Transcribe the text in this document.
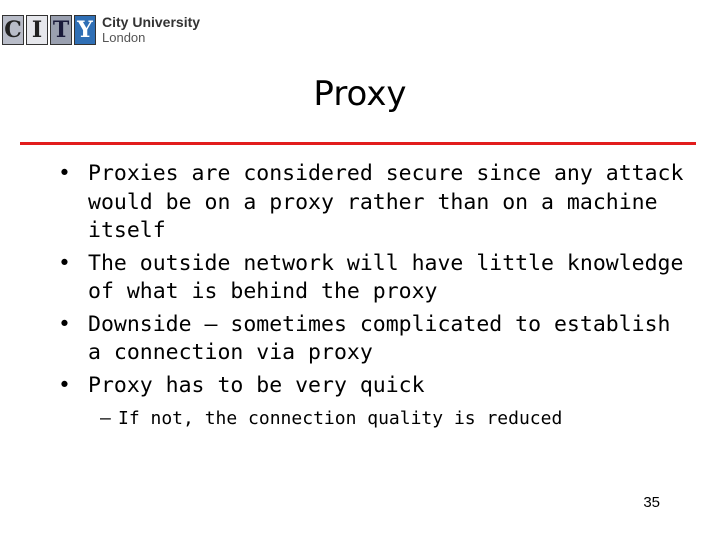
C I T Y City University
London
Proxy
• Proxies are considered secure since any attack would be on a proxy rather than on a machine itself
• The outside network will have little knowledge of what is behind the proxy
• Downside – sometimes complicated to establish a connection via proxy
• Proxy has to be very quick
– If not, the connection quality is reduced
35
